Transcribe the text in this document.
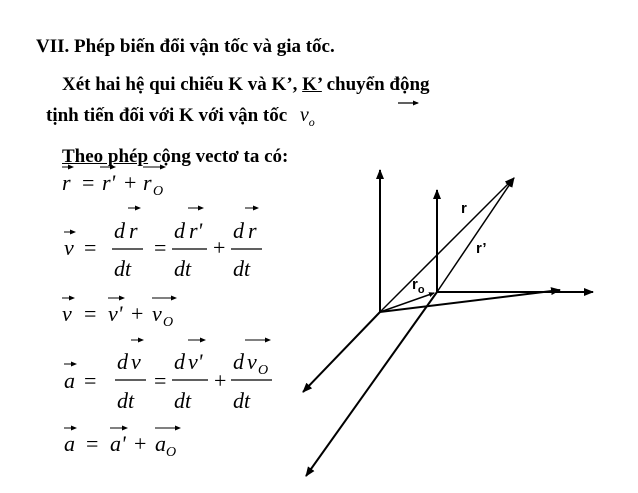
VII. Phép biến đổi vận tốc và gia tốc.
Xét hai hệ qui chiếu K và K’, K’ chuyển động
tịnh tiến đối với K với vận tốc $v_o$
Theo phép cộng vectơ ta có:
r = r' + r O
v =
d r
dt
=
d r'
dt
+
d r
dt
v = v' + v O
a =
d v
dt
=
d v'
dt
+
d v O
dt
a = a' + a O
r
r’
$r_o$
